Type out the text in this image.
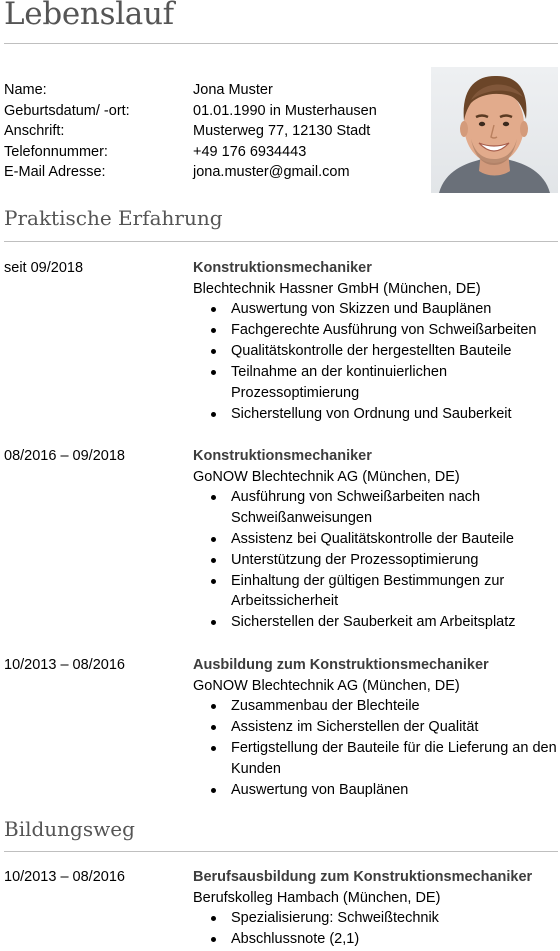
Lebenslauf
Name:	Jona Muster
Geburtsdatum/ -ort:	01.01.1990 in Musterhausen
Anschrift:	Musterweg 77, 12130 Stadt
Telefonnummer:	+49 176 6934443
E-Mail Adresse:	jona.muster@gmail.com
Praktische Erfahrung
seit 09/2018	Konstruktionsmechaniker
Blechtechnik Hassner GmbH (München, DE)
Auswertung von Skizzen und Bauplänen
Fachgerechte Ausführung von Schweißarbeiten
Qualitätskontrolle der hergestellten Bauteile
Teilnahme an der kontinuierlichen Prozessoptimierung
Sicherstellung von Ordnung und Sauberkeit
08/2016 – 09/2018	Konstruktionsmechaniker
GoNOW Blechtechnik AG (München, DE)
Ausführung von Schweißarbeiten nach Schweißanweisungen
Assistenz bei Qualitätskontrolle der Bauteile
Unterstützung der Prozessoptimierung
Einhaltung der gültigen Bestimmungen zur Arbeitssicherheit
Sicherstellen der Sauberkeit am Arbeitsplatz
10/2013 – 08/2016	Ausbildung zum Konstruktionsmechaniker
GoNOW Blechtechnik AG (München, DE)
Zusammenbau der Blechteile
Assistenz im Sicherstellen der Qualität
Fertigstellung der Bauteile für die Lieferung an den Kunden
Auswertung von Bauplänen
Bildungsweg
10/2013 – 08/2016	Berufsausbildung zum Konstruktionsmechaniker
Berufskolleg Hambach (München, DE)
Spezialisierung: Schweißtechnik
Abschlussnote (2,1)
